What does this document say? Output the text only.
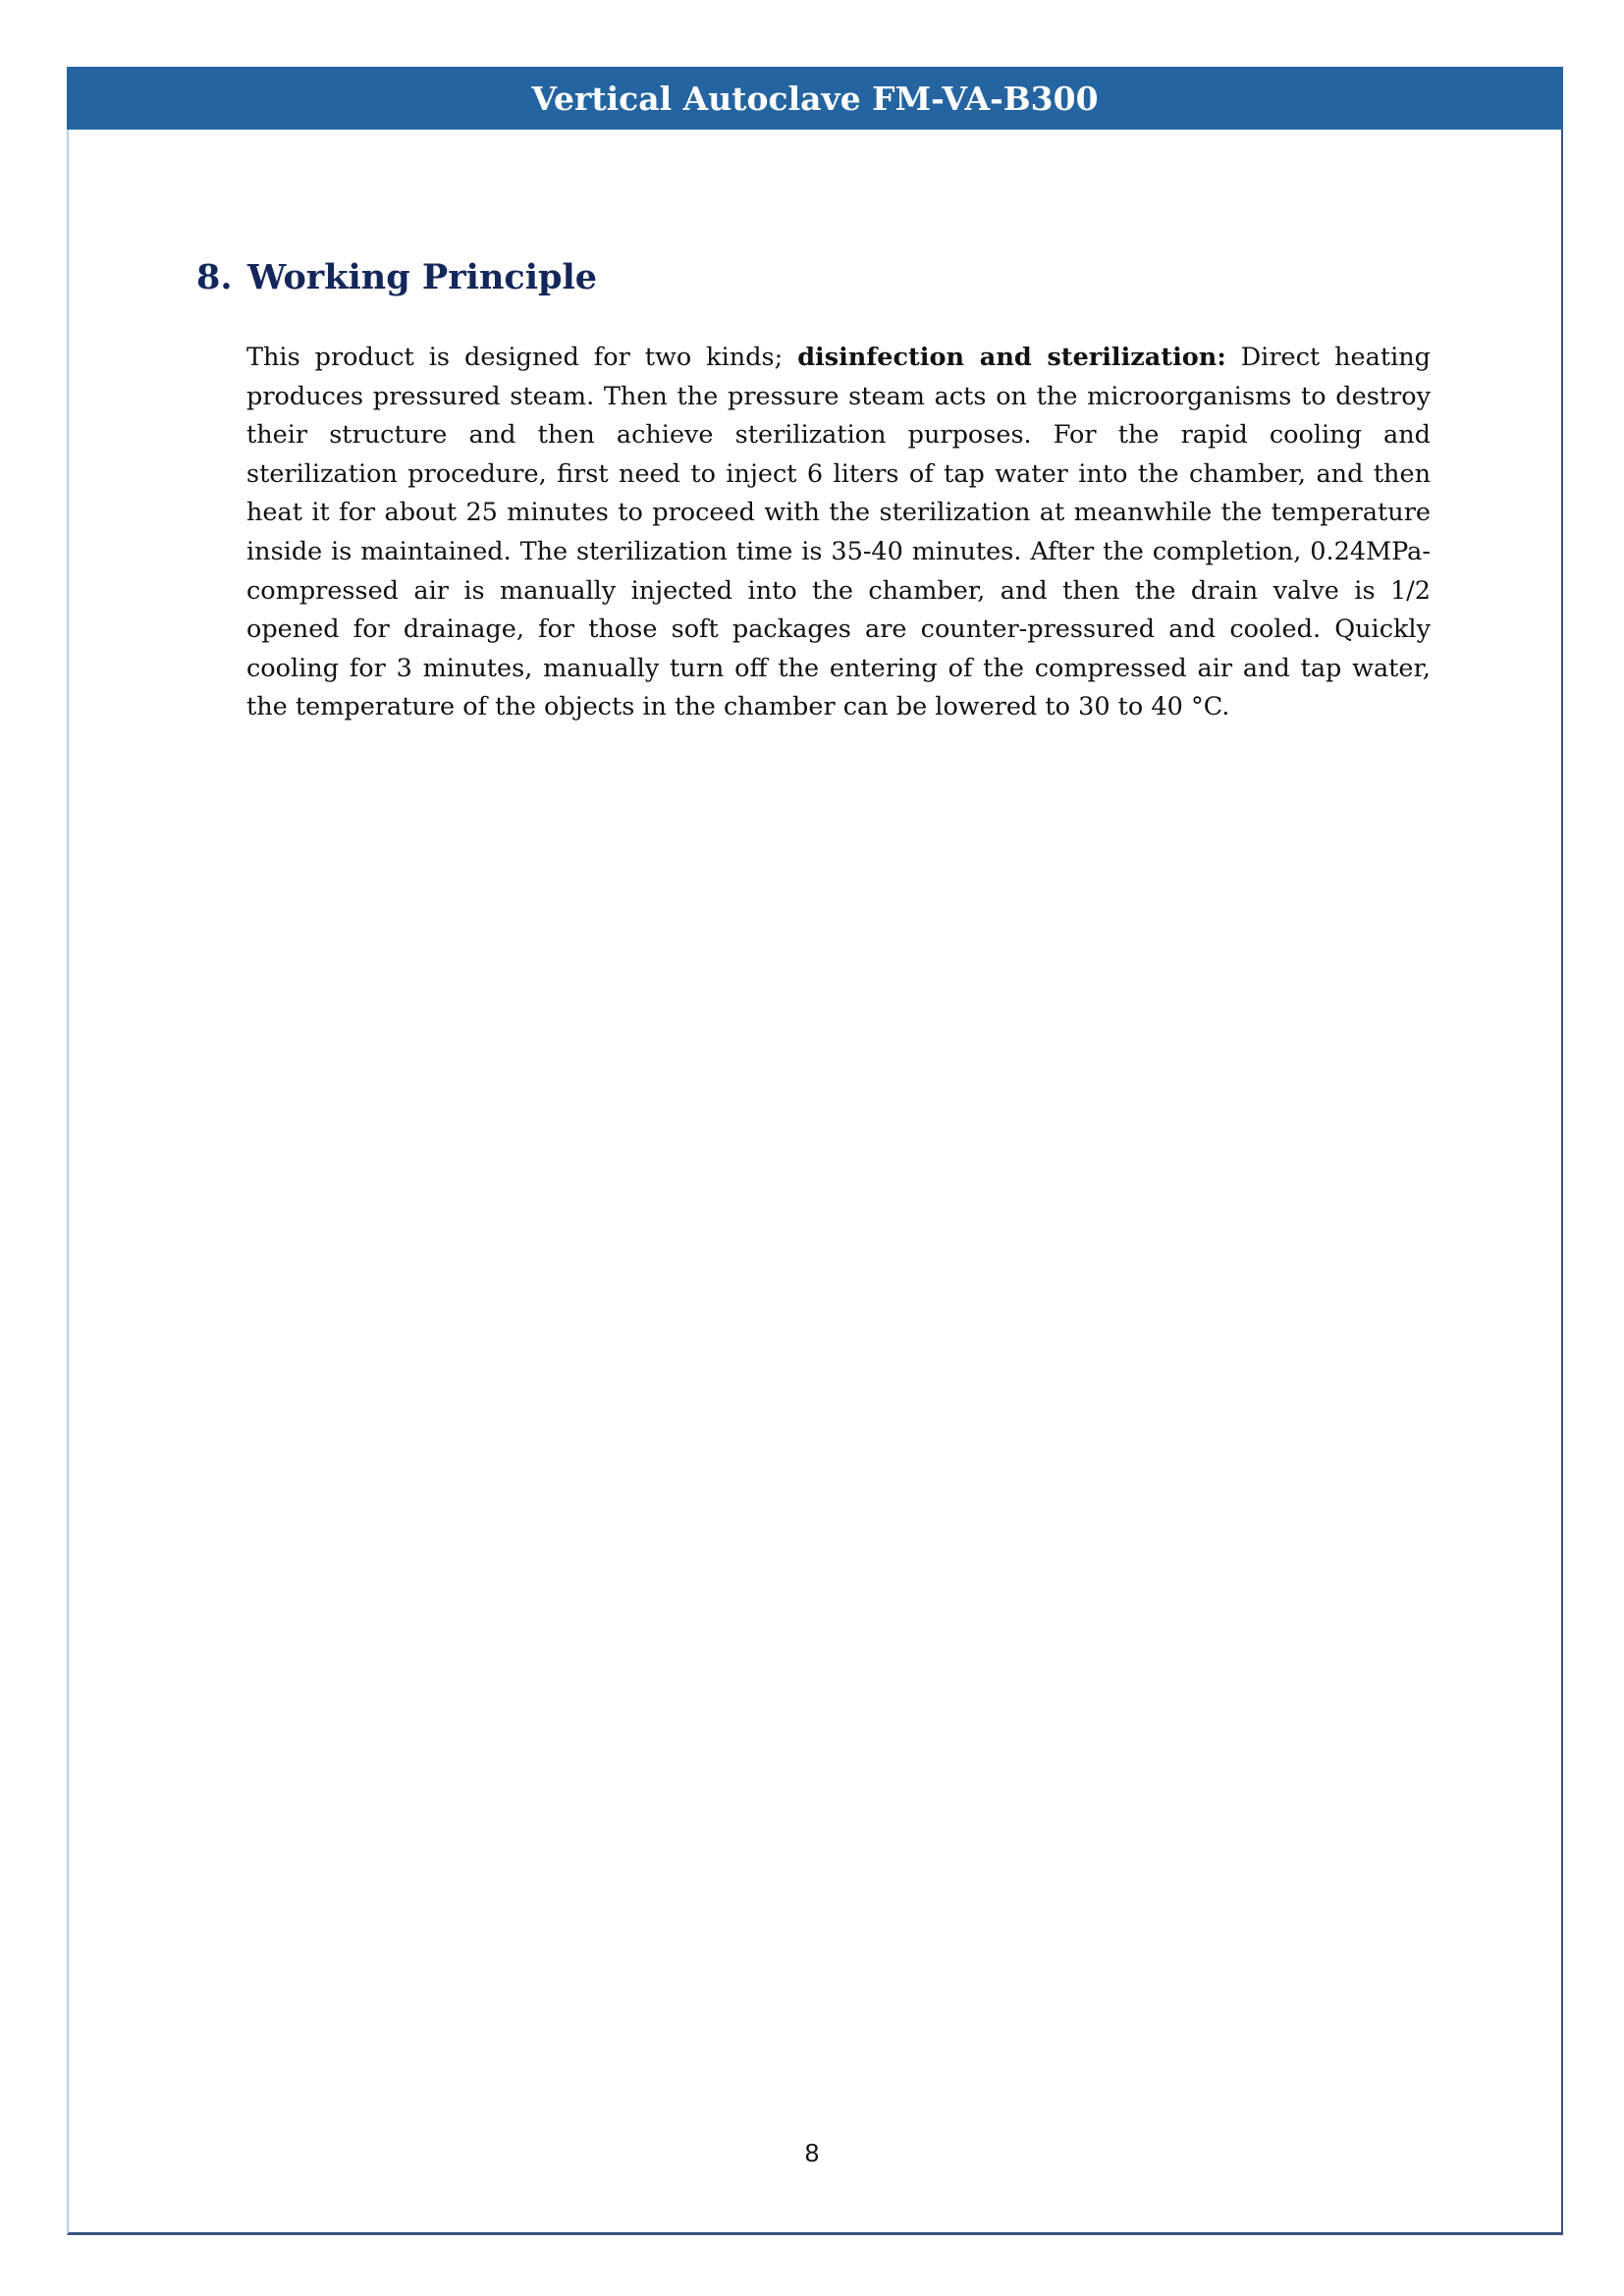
Vertical Autoclave FM-VA-B300
8. Working Principle

This product is designed for two kinds; disinfection and sterilization: Direct heating produces pressured steam. Then the pressure steam acts on the microorganisms to destroy their structure and then achieve sterilization purposes. For the rapid cooling and sterilization procedure, first need to inject 6 liters of tap water into the chamber, and then heat it for about 25 minutes to proceed with the sterilization at meanwhile the temperature inside is maintained. The sterilization time is 35-40 minutes. After the completion, 0.24MPa-compressed air is manually injected into the chamber, and then the drain valve is 1/2 opened for drainage, for those soft packages are counter-pressured and cooled. Quickly cooling for 3 minutes, manually turn off the entering of the compressed air and tap water, the temperature of the objects in the chamber can be lowered to 30 to 40 °C.

8
